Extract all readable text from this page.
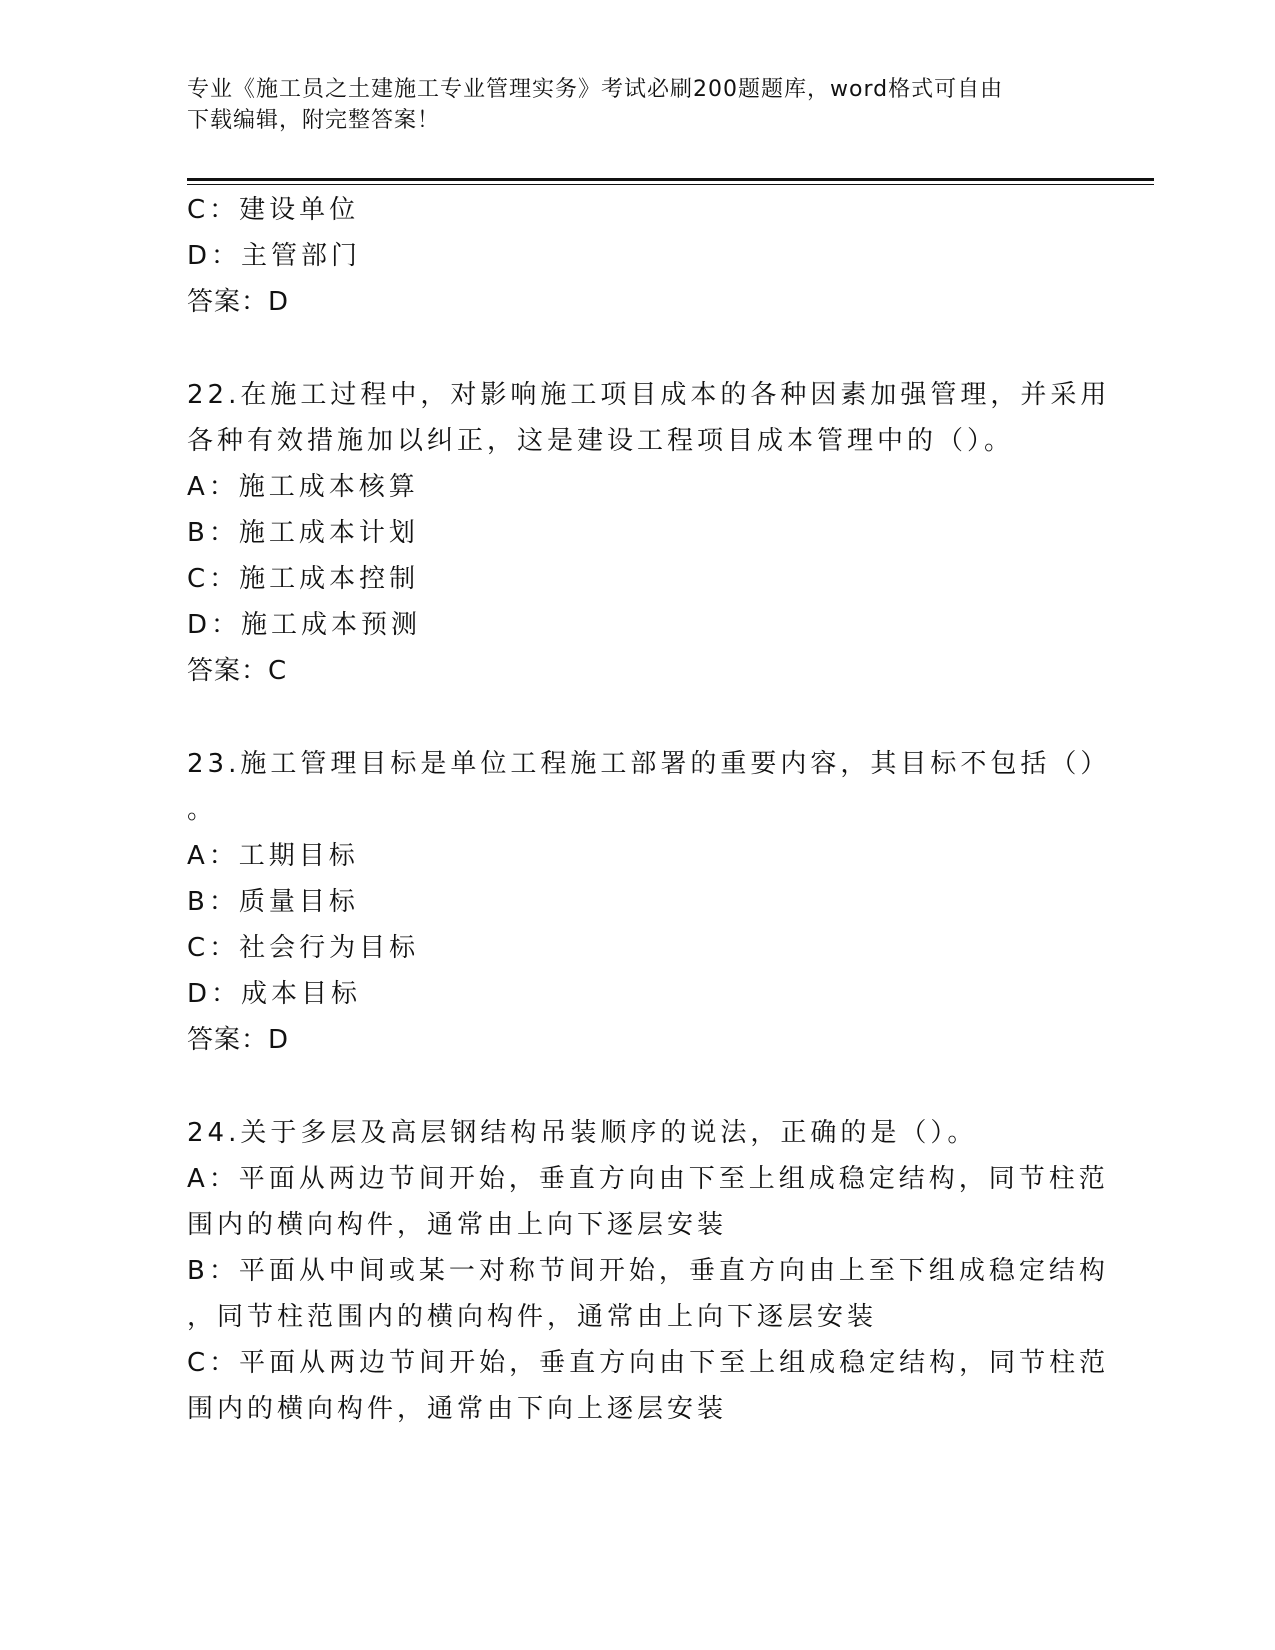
专业《施工员之土建施工专业管理实务》考试必刷200题题库，word格式可自由
下载编辑，附完整答案！
C：建设单位
D：主管部门
答案：D
22.在施工过程中，对影响施工项目成本的各种因素加强管理，并采用
各种有效措施加以纠正，这是建设工程项目成本管理中的（）。
A：施工成本核算
B：施工成本计划
C：施工成本控制
D：施工成本预测
答案：C
23.施工管理目标是单位工程施工部署的重要内容，其目标不包括（）
。
A：工期目标
B：质量目标
C：社会行为目标
D：成本目标
答案：D
24.关于多层及高层钢结构吊装顺序的说法，正确的是（）。
A：平面从两边节间开始，垂直方向由下至上组成稳定结构，同节柱范
围内的横向构件，通常由上向下逐层安装
B：平面从中间或某一对称节间开始，垂直方向由上至下组成稳定结构
，同节柱范围内的横向构件，通常由上向下逐层安装
C：平面从两边节间开始，垂直方向由下至上组成稳定结构，同节柱范
围内的横向构件，通常由下向上逐层安装
